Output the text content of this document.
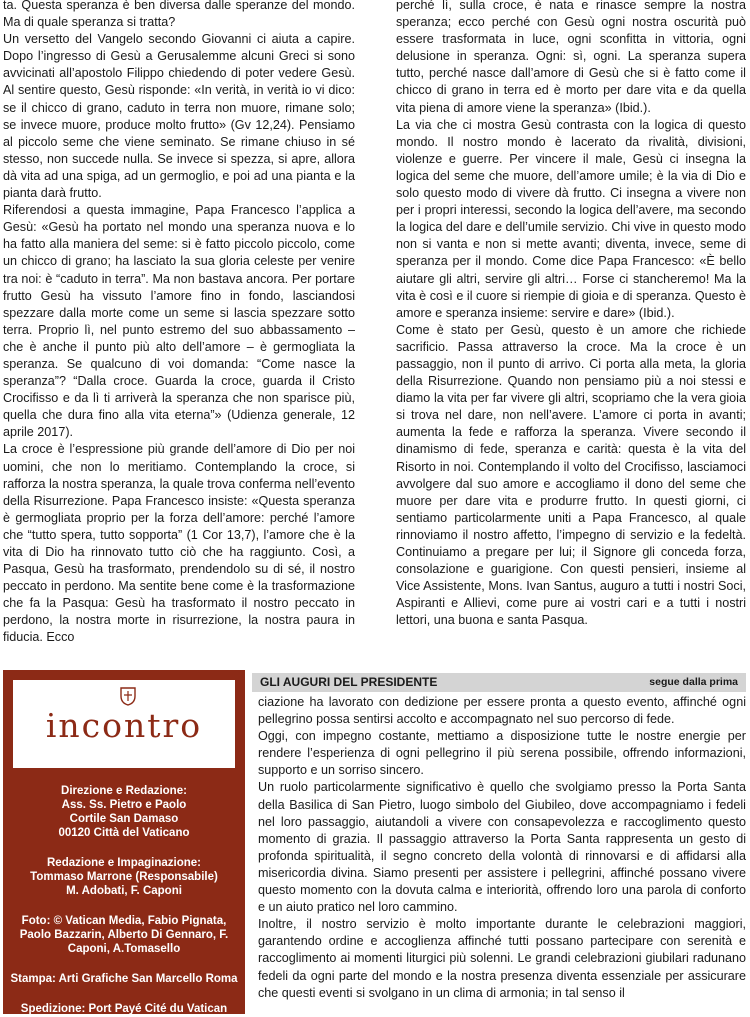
ta. Questa speranza è ben diversa dalle speranze del mondo. Ma di quale speranza si tratta?

Un versetto del Vangelo secondo Giovanni ci aiuta a capire. Dopo l’ingresso di Gesù a Gerusalemme alcuni Greci si sono avvicinati all’apostolo Filippo chiedendo di poter vedere Gesù. Al sentire questo, Gesù risponde: «In verità, in verità io vi dico: se il chicco di grano, caduto in terra non muore, rimane solo; se invece muore, produce molto frutto» (Gv 12,24). Pensiamo al piccolo seme che viene seminato. Se rimane chiuso in sé stesso, non succede nulla. Se invece si spezza, si apre, allora dà vita ad una spiga, ad un germoglio, e poi ad una pianta e la pianta darà frutto.

Riferendosi a questa immagine, Papa Francesco l’applica a Gesù: «Gesù ha portato nel mondo una speranza nuova e lo ha fatto alla maniera del seme: si è fatto piccolo piccolo, come un chicco di grano; ha lasciato la sua gloria celeste per venire tra noi: è “caduto in terra”. Ma non bastava ancora. Per portare frutto Gesù ha vissuto l’amore fino in fondo, lasciandosi spezzare dalla morte come un seme si lascia spezzare sotto terra. Proprio lì, nel punto estremo del suo abbassamento – che è anche il punto più alto dell’amore – è germogliata la speranza. Se qualcuno di voi domanda: “Come nasce la speranza”? “Dalla croce. Guarda la croce, guarda il Cristo Crocifisso e da lì ti arriverà la speranza che non sparisce più, quella che dura fino alla vita eterna”» (Udienza generale, 12 aprile 2017).

La croce è l’espressione più grande dell’amore di Dio per noi uomini, che non lo meritiamo. Contemplando la croce, si rafforza la nostra speranza, la quale trova conferma nell’evento della Risurrezione. Papa Francesco insiste: «Questa speranza è germogliata proprio per la forza dell’amore: perché l’amore che “tutto spera, tutto sopporta” (1 Cor 13,7), l’amore che è la vita di Dio ha rinnovato tutto ciò che ha raggiunto. Così, a Pasqua, Gesù ha trasformato, prendendolo su di sé, il nostro peccato in perdono. Ma sentite bene come è la trasformazione che fa la Pasqua: Gesù ha trasformato il nostro peccato in perdono, la nostra morte in risurrezione, la nostra paura in fiducia. Ecco

perché lì, sulla croce, è nata e rinasce sempre la nostra speranza; ecco perché con Gesù ogni nostra oscurità può essere trasformata in luce, ogni sconfitta in vittoria, ogni delusione in speranza. Ogni: sì, ogni. La speranza supera tutto, perché nasce dall’amore di Gesù che si è fatto come il chicco di grano in terra ed è morto per dare vita e da quella vita piena di amore viene la speranza» (Ibid.).

La via che ci mostra Gesù contrasta con la logica di questo mondo. Il nostro mondo è lacerato da rivalità, divisioni, violenze e guerre. Per vincere il male, Gesù ci insegna la logica del seme che muore, dell’amore umile; è la via di Dio e solo questo modo di vivere dà frutto. Ci insegna a vivere non per i propri interessi, secondo la logica dell’avere, ma secondo la logica del dare e dell’umile servizio. Chi vive in questo modo non si vanta e non si mette avanti; diventa, invece, seme di speranza per il mondo. Come dice Papa Francesco: «È bello aiutare gli altri, servire gli altri… Forse ci stancheremo! Ma la vita è così e il cuore si riempie di gioia e di speranza. Questo è amore e speranza insieme: servire e dare» (Ibid.).

Come è stato per Gesù, questo è un amore che richiede sacrificio. Passa attraverso la croce. Ma la croce è un passaggio, non il punto di arrivo. Ci porta alla meta, la gloria della Risurrezione. Quando non pensiamo più a noi stessi e diamo la vita per far vivere gli altri, scopriamo che la vera gioia si trova nel dare, non nell’avere. L’amore ci porta in avanti; aumenta la fede e rafforza la speranza. Vivere secondo il dinamismo di fede, speranza e carità: questa è la vita del Risorto in noi. Contemplando il volto del Crocifisso, lasciamoci avvolgere dal suo amore e accogliamo il dono del seme che muore per dare vita e produrre frutto. In questi giorni, ci sentiamo particolarmente uniti a Papa Francesco, al quale rinnoviamo il nostro affetto, l’impegno di servizio e la fedeltà. Continuiamo a pregare per lui; il Signore gli conceda forza, consolazione e guarigione. Con questi pensieri, insieme al Vice Assistente, Mons. Ivan Santus, auguro a tutti i nostri Soci, Aspiranti e Allievi, come pure ai vostri cari e a tutti i nostri lettori, una buona e santa Pasqua.

incontro
Direzione e Redazione:
Ass. Ss. Pietro e Paolo
Cortile San Damaso
00120 Città del Vaticano
Redazione e Impaginazione:
Tommaso Marrone (Responsabile)
M. Adobati, F. Caponi
Foto: © Vatican Media, Fabio Pignata, Paolo Bazzarin, Alberto Di Gennaro, F. Caponi, A.Tomasello
Stampa: Arti Grafiche San Marcello Roma
Spedizione: Port Payé Cité du Vatican
GLI AUGURI DEL PRESIDENTE	segue dalla prima

ciazione ha lavorato con dedizione per essere pronta a questo evento, affinché ogni pellegrino possa sentirsi accolto e accompagnato nel suo percorso di fede.

Oggi, con impegno costante, mettiamo a disposizione tutte le nostre energie per rendere l’esperienza di ogni pellegrino il più serena possibile, offrendo informazioni, supporto e un sorriso sincero.

Un ruolo particolarmente significativo è quello che svolgiamo presso la Porta Santa della Basilica di San Pietro, luogo simbolo del Giubileo, dove accompagniamo i fedeli nel loro passaggio, aiutandoli a vivere con consapevolezza e raccoglimento questo momento di grazia. Il passaggio attraverso la Porta Santa rappresenta un gesto di profonda spiritualità, il segno concreto della volontà di rinnovarsi e di affidarsi alla misericordia divina. Siamo presenti per assistere i pellegrini, affinché possano vivere questo momento con la dovuta calma e interiorità, offrendo loro una parola di conforto e un aiuto pratico nel loro cammino.

Inoltre, il nostro servizio è molto importante durante le celebrazioni maggiori, garantendo ordine e accoglienza affinché tutti possano partecipare con serenità e raccoglimento ai momenti liturgici più solenni. Le grandi celebrazioni giubilari radunano fedeli da ogni parte del mondo e la nostra presenza diventa essenziale per assicurare che questi eventi si svolgano in un clima di armonia; in tal senso il
